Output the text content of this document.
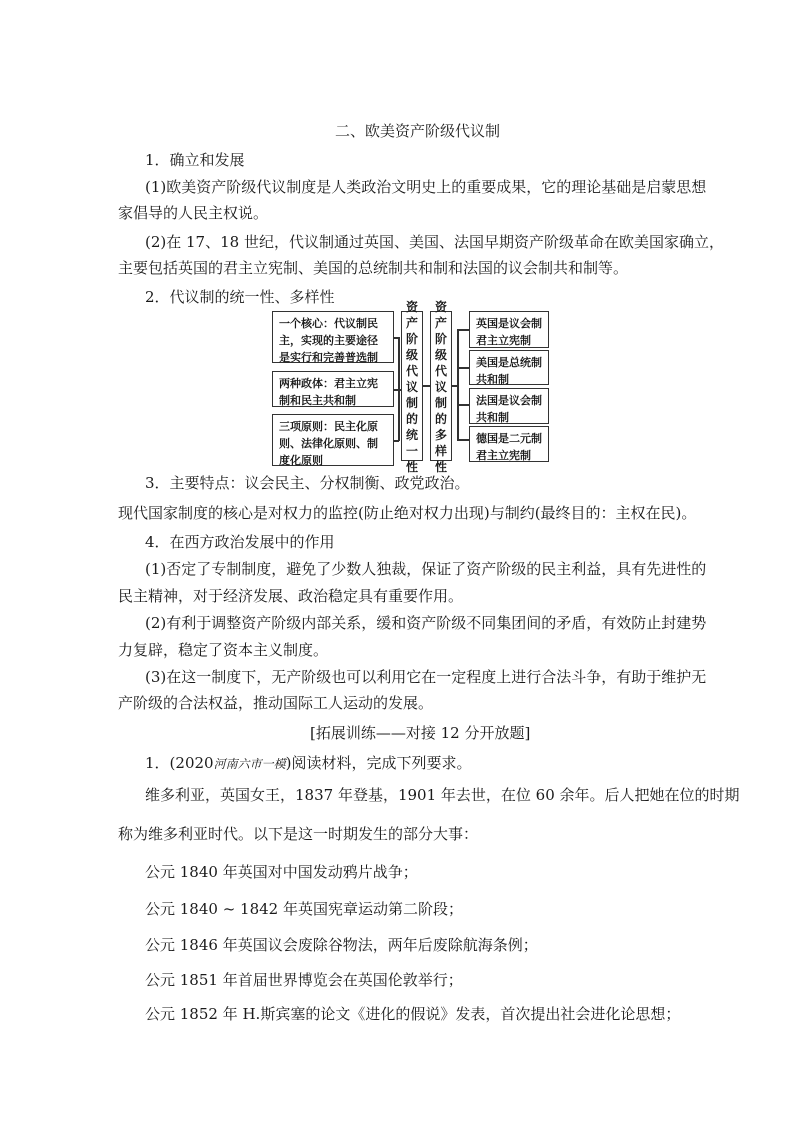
二、欧美资产阶级代议制
1．确立和发展
(1)欧美资产阶级代议制度是人类政治文明史上的重要成果，它的理论基础是启蒙思想
家倡导的人民主权说。
(2)在 17、18 世纪，代议制通过英国、美国、法国早期资产阶级革命在欧美国家确立，
主要包括英国的君主立宪制、美国的总统制共和制和法国的议会制共和制等。
2．代议制的统一性、多样性
一个核心：代议制民主，实现的主要途径是实行和完善普选制
两种政体：君主立宪制和民主共和制
三项原则：民主化原则、法律化原则、制度化原则
资
产
阶
级
代
议
制
的
统
一
性
资
产
阶
级
代
议
制
的
多
样
性
英国是议会制君主立宪制
美国是总统制共和制
法国是议会制共和制
德国是二元制君主立宪制
3．主要特点：议会民主、分权制衡、政党政治。
现代国家制度的核心是对权力的监控(防止绝对权力出现)与制约(最终目的：主权在民)。
4．在西方政治发展中的作用
(1)否定了专制制度，避免了少数人独裁，保证了资产阶级的民主利益，具有先进性的
民主精神，对于经济发展、政治稳定具有重要作用。
(2)有利于调整资产阶级内部关系，缓和资产阶级不同集团间的矛盾，有效防止封建势
力复辟，稳定了资本主义制度。
(3)在这一制度下，无产阶级也可以利用它在一定程度上进行合法斗争，有助于维护无
产阶级的合法权益，推动国际工人运动的发展。
[拓展训练——对接 12 分开放题]
1．(2020河南六市一模)阅读材料，完成下列要求。
维多利亚，英国女王，1837 年登基，1901 年去世，在位 60 余年。后人把她在位的时期
称为维多利亚时代。以下是这一时期发生的部分大事：
公元 1840 年英国对中国发动鸦片战争；
公元 1840 ~ 1842 年英国宪章运动第二阶段；
公元 1846 年英国议会废除谷物法，两年后废除航海条例；
公元 1851 年首届世界博览会在英国伦敦举行；
公元 1852 年 H.斯宾塞的论文《进化的假说》发表，首次提出社会进化论思想；
